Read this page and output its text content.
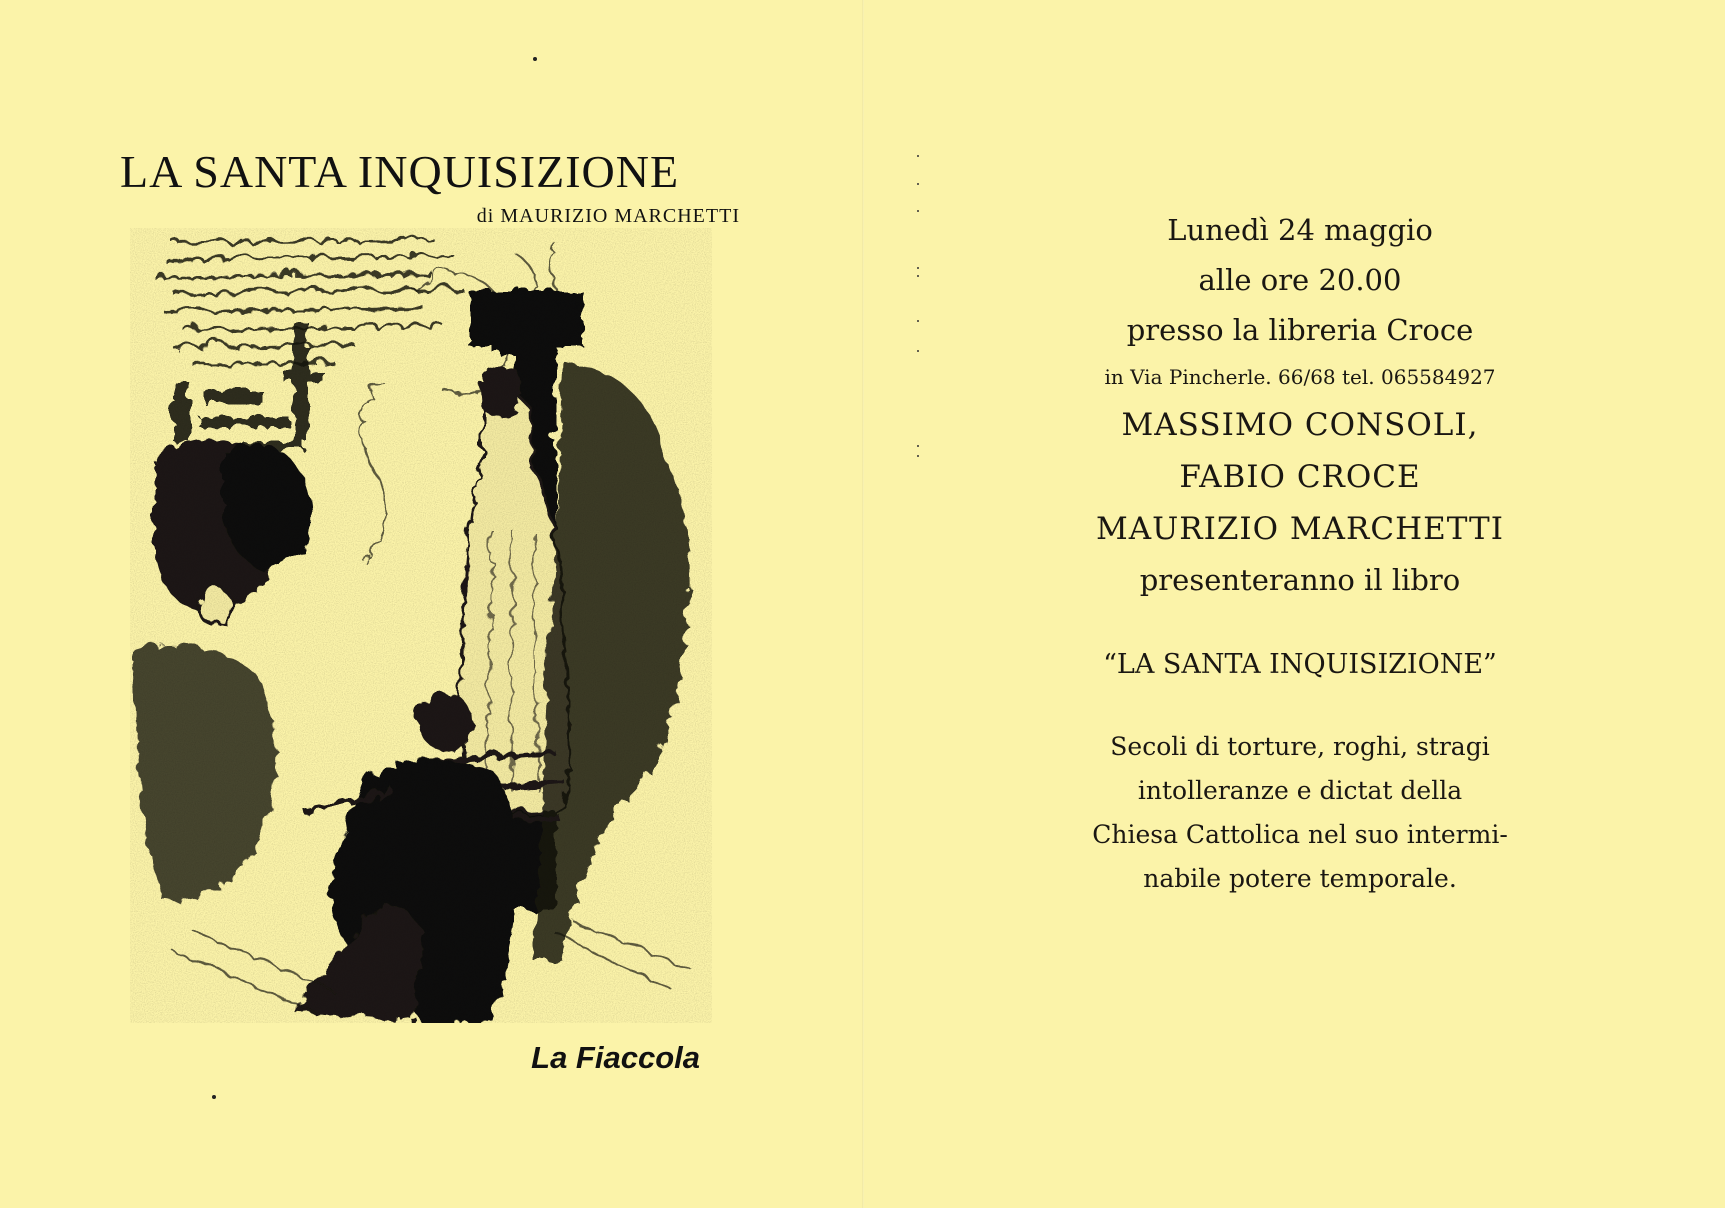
LA SANTA INQUISIZIONE
di MAURIZIO MARCHETTI
La Fiaccola
Lunedì 24 maggio
alle ore 20.00
presso la libreria Croce
in Via Pincherle. 66/68 tel. 065584927
MASSIMO CONSOLI,
FABIO CROCE
MAURIZIO MARCHETTI
presenteranno il libro
“LA SANTA INQUISIZIONE”
Secoli di torture, roghi, stragi
intolleranze e dictat della
Chiesa Cattolica nel suo intermi-
nabile potere temporale.
